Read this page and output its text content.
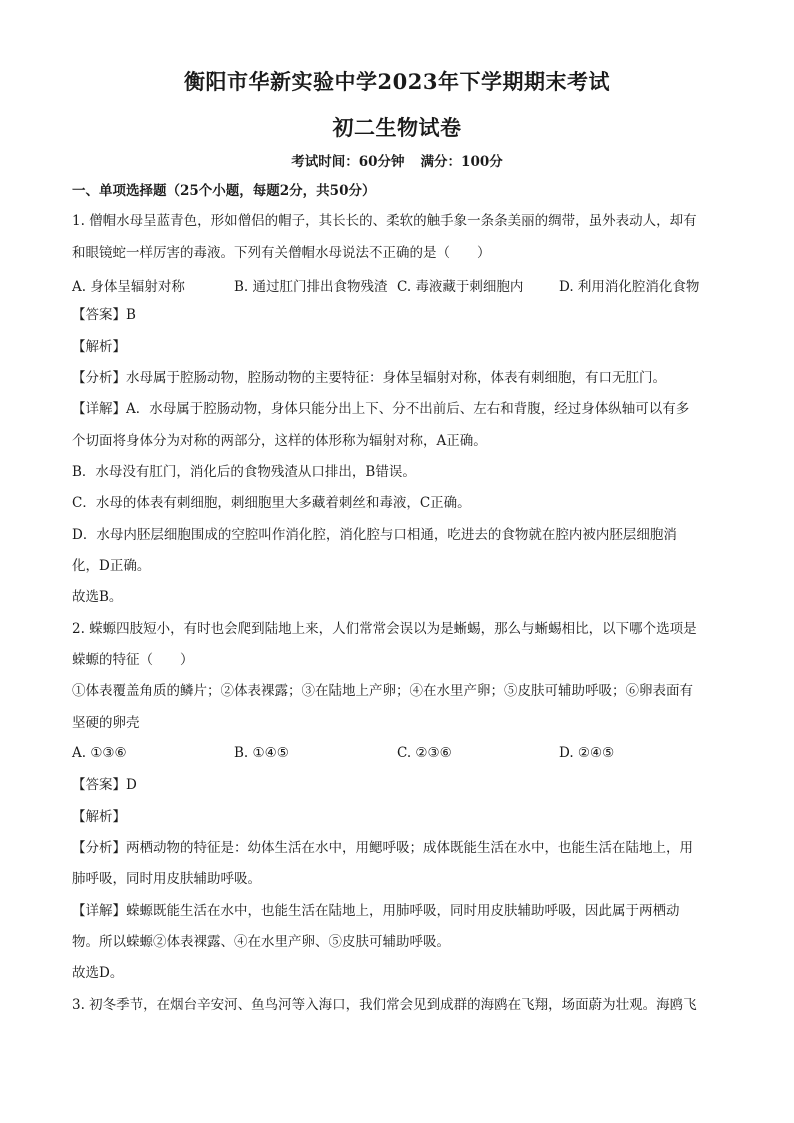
衡阳市华新实验中学2023年下学期期末考试
初二生物试卷
考试时间：60分钟 满分：100分
一、单项选择题（25个小题，每题2分，共50分）
1. 僧帽水母呈蓝青色，形如僧侣的帽子，其长长的、柔软的触手象一条条美丽的绸带，虽外表动人，却有
和眼镜蛇一样厉害的毒液。下列有关僧帽水母说法不正确的是（　　）
A. 身体呈辐射对称	B. 通过肛门排出食物残渣 C. 毒液藏于刺细胞内	D. 利用消化腔消化食物
【答案】B
【解析】
【分析】水母属于腔肠动物，腔肠动物的主要特征：身体呈辐射对称，体表有刺细胞，有口无肛门。
【详解】A．水母属于腔肠动物，身体只能分出上下、分不出前后、左右和背腹，经过身体纵轴可以有多
个切面将身体分为对称的两部分，这样的体形称为辐射对称，A正确。
B．水母没有肛门，消化后的食物残渣从口排出，B错误。
C．水母的体表有刺细胞，刺细胞里大多藏着刺丝和毒液，C正确。
D．水母内胚层细胞围成的空腔叫作消化腔，消化腔与口相通，吃进去的食物就在腔内被内胚层细胞消
化，D正确。
故选B。
2. 蝾螈四肢短小，有时也会爬到陆地上来，人们常常会误以为是蜥蜴，那么与蜥蜴相比，以下哪个选项是
蝾螈的特征（　　）
①体表覆盖角质的鳞片；②体表裸露；③在陆地上产卵；④在水里产卵；⑤皮肤可辅助呼吸；⑥卵表面有
坚硬的卵壳
A. ①③⑥	B. ①④⑤	C. ②③⑥	D. ②④⑤
【答案】D
【解析】
【分析】两栖动物的特征是：幼体生活在水中，用鳃呼吸；成体既能生活在水中，也能生活在陆地上，用
肺呼吸，同时用皮肤辅助呼吸。
【详解】蝾螈既能生活在水中，也能生活在陆地上，用肺呼吸，同时用皮肤辅助呼吸，因此属于两栖动
物。所以蝾螈②体表裸露、④在水里产卵、⑤皮肤可辅助呼吸。
故选D。
3. 初冬季节，在烟台辛安河、鱼鸟河等入海口，我们常会见到成群的海鸥在飞翔，场面蔚为壮观。海鸥飞
